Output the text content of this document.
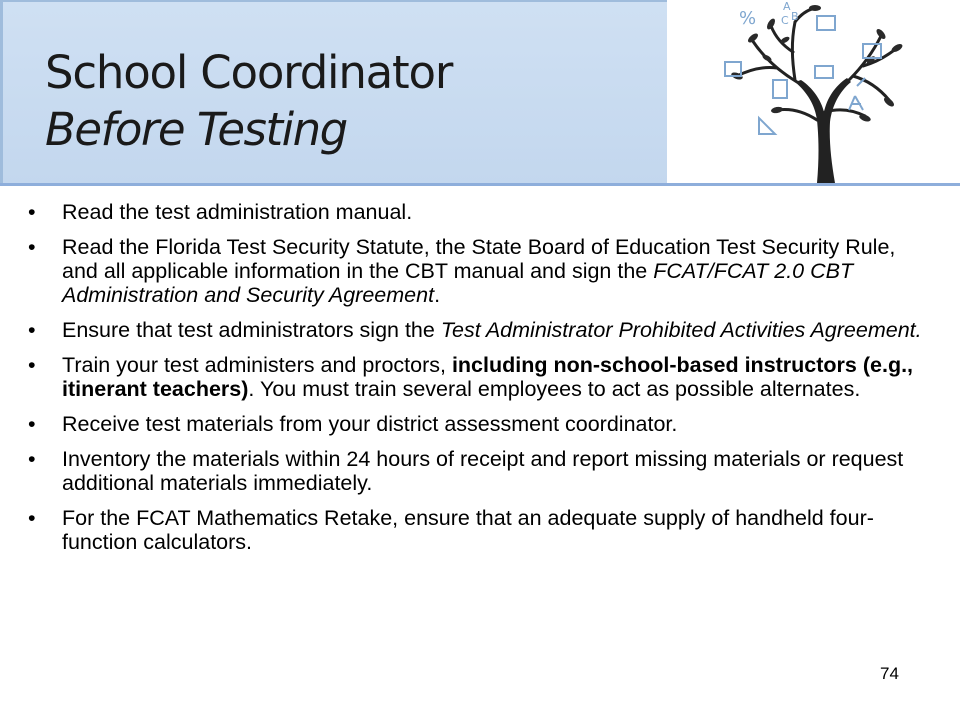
School Coordinator
Before Testing
%
A
B
C
• Read the test administration manual.
• Read the Florida Test Security Statute, the State Board of Education Test Security Rule, and all applicable information in the CBT manual and sign the FCAT/FCAT 2.0 CBT Administration and Security Agreement.
• Ensure that test administrators sign the Test Administrator Prohibited Activities Agreement.
• Train your test administers and proctors, including non-school-based instructors (e.g., itinerant teachers). You must train several employees to act as possible alternates.
• Receive test materials from your district assessment coordinator.
• Inventory the materials within 24 hours of receipt and report missing materials or request additional materials immediately.
• For the FCAT Mathematics Retake, ensure that an adequate supply of handheld four-function calculators.
74
